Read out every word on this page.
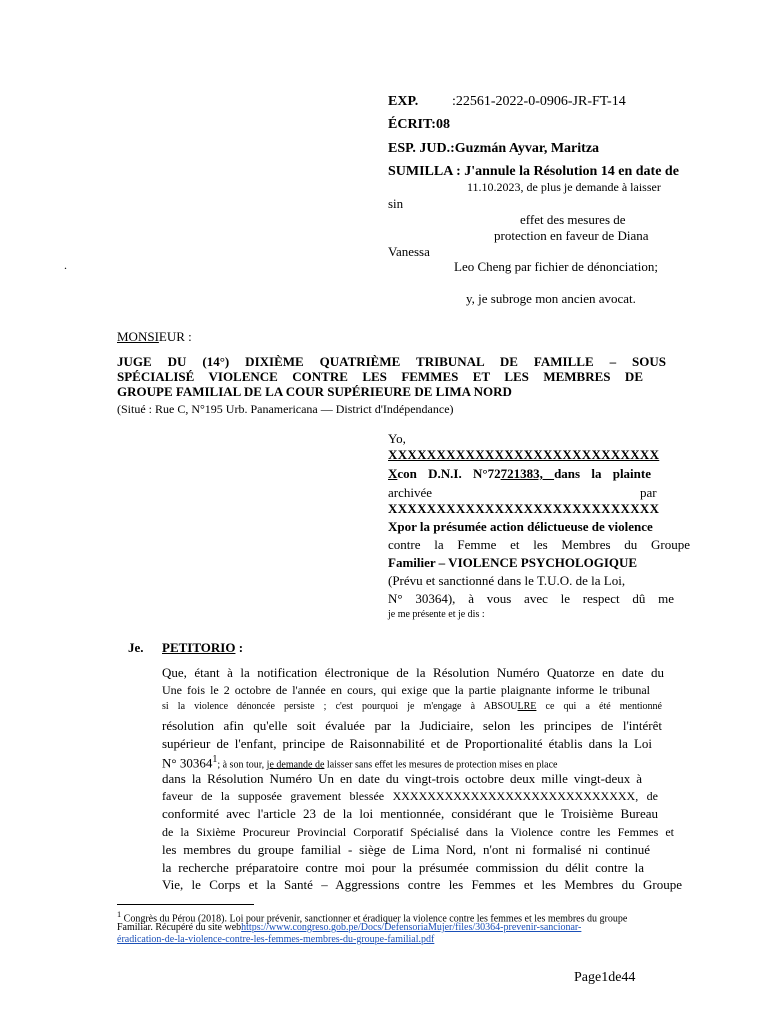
EXP. :22561-2022-0-0906-JR-FT-14
ÉCRIT:08
ESP. JUD.:Guzmán Ayvar, Maritza
SUMILLA : J'annule la Résolution 14 en date de
11.10.2023, de plus je demande à laisser
sin
effet des mesures de
protection en faveur de Diana
Vanessa
Leo Cheng par fichier de dénonciation;
y, je subroge mon ancien avocat.
.
MONSIEUR :
JUGE DU (14°) DIXIÈME QUATRIÈME TRIBUNAL DE FAMILLE – SOUS
SPÉCIALISÉ VIOLENCE CONTRE LES FEMMES ET LES MEMBRES DE
GROUPE FAMILIAL DE LA COUR SUPÉRIEURE DE LIMA NORD
(Situé : Rue C, N°195 Urb. Panamericana — District d'Indépendance)
Yo,
XXXXXXXXXXXXXXXXXXXXXXXXXXXX
Xcon D.N.I. N°72721383, dans la plainte
archivée	par
XXXXXXXXXXXXXXXXXXXXXXXXXXXX
Xpor la présumée action délictueuse de violence
contre la Femme et les Membres du Groupe
Familier – VIOLENCE PSYCHOLOGIQUE
(Prévu et sanctionné dans le T.U.O. de la Loi,
N° 30364), à vous avec le respect dû me
je me présente et je dis :
Je. PETITORIO :
Que, étant à la notification électronique de la Résolution Numéro Quatorze en date du
Une fois le 2 octobre de l'année en cours, qui exige que la partie plaignante informe le tribunal
si la violence dénoncée persiste ; c'est pourquoi je m'engage à ABSOULRE ce qui a été mentionné
résolution afin qu'elle soit évaluée par la Judiciaire, selon les principes de l'intérêt
supérieur de l'enfant, principe de Raisonnabilité et de Proportionalité établis dans la Loi
N° 30364$^1$; à son tour, je demande de laisser sans effet les mesures de protection mises en place
dans la Résolution Numéro Un en date du vingt-trois octobre deux mille vingt-deux à
faveur de la supposée gravement blessée XXXXXXXXXXXXXXXXXXXXXXXXXXXX, de
conformité avec l'article 23 de la loi mentionnée, considérant que le Troisième Bureau
de la Sixième Procureur Provincial Corporatif Spécialisé dans la Violence contre les Femmes et
les membres du groupe familial - siège de Lima Nord, n'ont ni formalisé ni continué
la recherche préparatoire contre moi pour la présumée commission du délit contre la
Vie, le Corps et la Santé – Aggressions contre les Femmes et les Membres du Groupe
$^1$ Congrès du Pérou (2018). Loi pour prévenir, sanctionner et éradiquer la violence contre les femmes et les membres du groupe
Familiar. Récupéré du site webhttps://www.congreso.gob.pe/Docs/DefensoriaMujer/files/30364-prevenir-sancionar-
éradication-de-la-violence-contre-les-femmes-membres-du-groupe-familial.pdf
Page1de44
